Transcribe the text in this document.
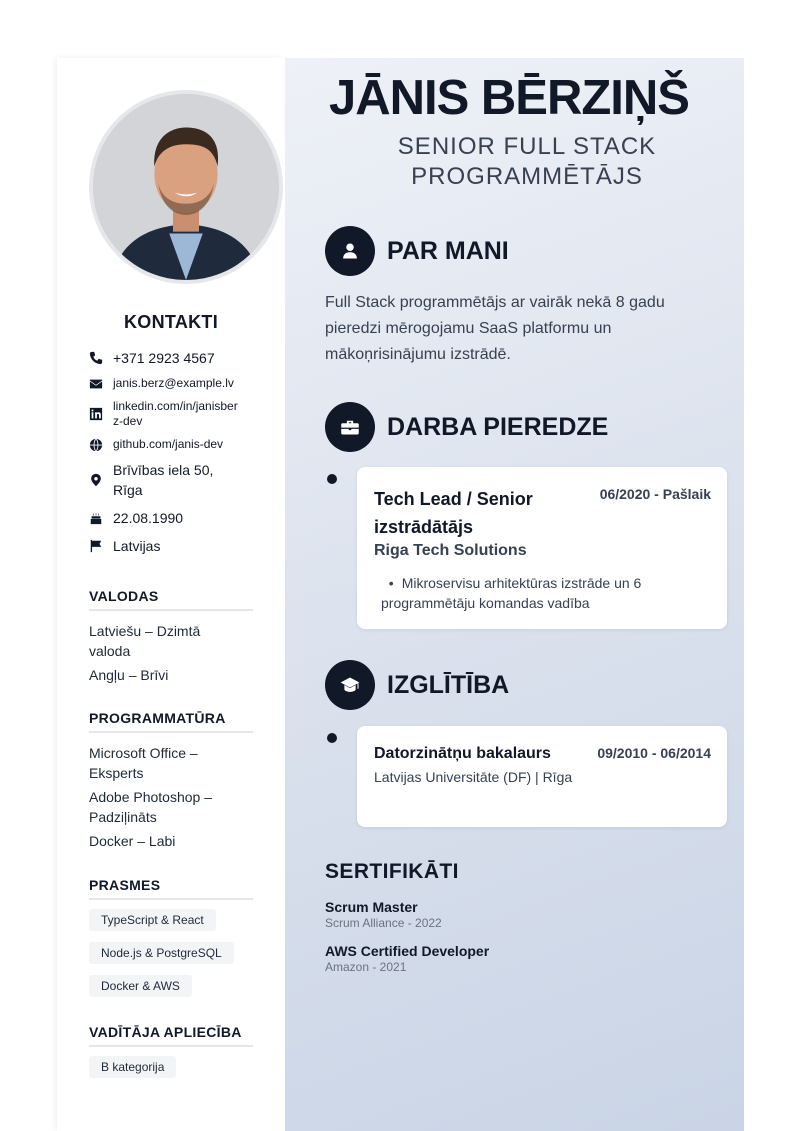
KONTAKTI
+371 2923 4567
janis.berz@example.lv
linkedin.com/in/janisber
z-dev
github.com/janis-dev
Brīvības iela 50,
Rīga
22.08.1990
Latvijas
VALODAS
Latviešu – Dzimtā valoda
Angļu – Brīvi
PROGRAMMATŪRA
Microsoft Office – Eksperts
Adobe Photoshop – Padziļināts
Docker – Labi
PRASMES
TypeScript & React
Node.js & PostgreSQL
Docker & AWS
VADĪTĀJA APLIECĪBA
B kategorija
JĀNIS BĒRZIŅŠ
SENIOR FULL STACK
PROGRAMMĒTĀJS
PAR MANI
Full Stack programmētājs ar vairāk nekā 8 gadu pieredzi mērogojamu SaaS platformu un mākoņrisinājumu izstrādē.
DARBA PIEREDZE
Tech Lead / Senior izstrādātājs
06/2020 - Pašlaik
Riga Tech Solutions
• Mikroservisu arhitektūras izstrāde un 6 programmētāju komandas vadība
IZGLĪTĪBA
Datorzinātņu bakalaurs	09/2010 - 06/2014
Latvijas Universitāte (DF) | Rīga
SERTIFIKĀTI
Scrum Master
Scrum Alliance - 2022
AWS Certified Developer
Amazon - 2021
